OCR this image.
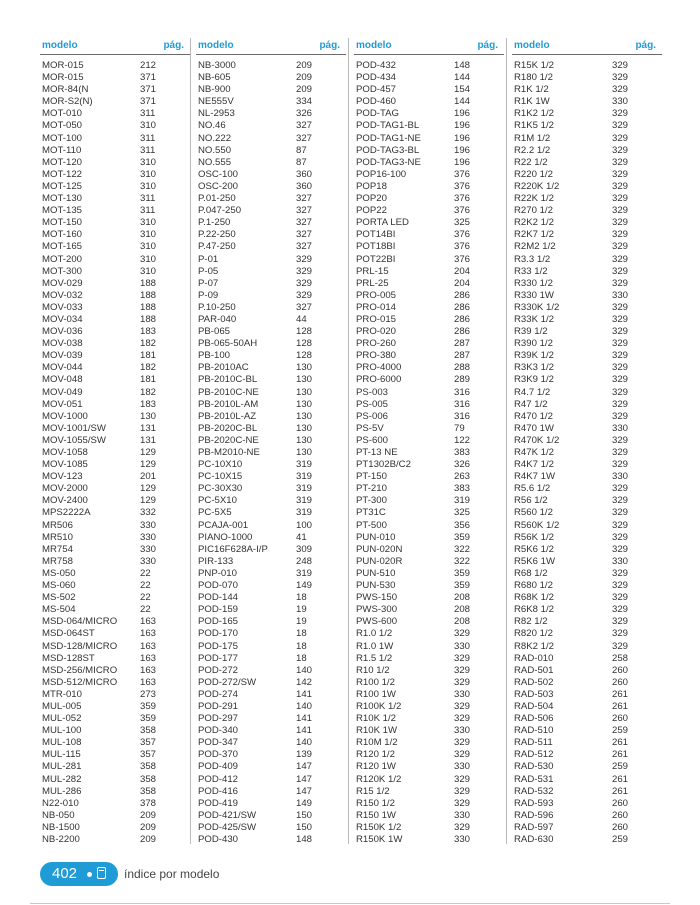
modelo	pág.
MOR-015	212
MOR-015	371
MOR-84(N	371
MOR-S2(N)	371
MOT-010	311
MOT-050	310
MOT-100	311
MOT-110	311
MOT-120	310
MOT-122	310
MOT-125	310
MOT-130	311
MOT-135	311
MOT-150	310
MOT-160	310
MOT-165	310
MOT-200	310
MOT-300	310
MOV-029	188
MOV-032	188
MOV-033	188
MOV-034	188
MOV-036	183
MOV-038	182
MOV-039	181
MOV-044	182
MOV-048	181
MOV-049	182
MOV-051	183
MOV-1000	130
MOV-1001/SW	131
MOV-1055/SW	131
MOV-1058	129
MOV-1085	129
MOV-123	201
MOV-2000	129
MOV-2400	129
MPS2222A	332
MR506	330
MR510	330
MR754	330
MR758	330
MS-050	22
MS-060	22
MS-502	22
MS-504	22
MSD-064/MICRO 163
MSD-064ST	163
MSD-128/MICRO 163
MSD-128ST	163
MSD-256/MICRO 163
MSD-512/MICRO 163
MTR-010	273
MUL-005	359
MUL-052	359
MUL-100	358
MUL-108	357
MUL-115	357
MUL-281	358
MUL-282	358
MUL-286	358
N22-010	378
NB-050	209
NB-1500	209
NB-2200	209
modelo	pág.
NB-3000	209
NB-605	209
NB-900	209
NE555V	334
NL-2953	326
NO.46	327
NO.222	327
NO.550	87
NO.555	87
OSC-100	360
OSC-200	360
P.01-250	327
P.047-250	327
P.1-250	327
P.22-250	327
P.47-250	327
P-01	329
P-05	329
P-07	329
P-09	329
P.10-250	327
PAR-040	44
PB-065	128
PB-065-50AH	128
PB-100	128
PB-2010AC	130
PB-2010C-BL	130
PB-2010C-NE	130
PB-2010L-AM	130
PB-2010L-AZ	130
PB-2020C-BL	130
PB-2020C-NE	130
PB-M2010-NE	130
PC-10X10	319
PC-10X15	319
PC-30X30	319
PC-5X10	319
PC-5X5	319
PCAJA-001	100
PIANO-1000	41
PIC16F628A-I/P	309
PIR-133	248
PNP-010	319
POD-070	149
POD-144	18
POD-159	19
POD-165	19
POD-170	18
POD-175	18
POD-177	18
POD-272	140
POD-272/SW	142
POD-274	141
POD-291	140
POD-297	141
POD-340	141
POD-347	140
POD-370	139
POD-409	147
POD-412	147
POD-416	147
POD-419	149
POD-421/SW	150
POD-425/SW	150
POD-430	148
modelo	pág.
POD-432	148
POD-434	144
POD-457	154
POD-460	144
POD-TAG	196
POD-TAG1-BL	196
POD-TAG1-NE	196
POD-TAG3-BL	196
POD-TAG3-NE	196
POP16-100	376
POP18	376
POP20	376
POP22	376
PORTA LED	325
POT14BI	376
POT18BI	376
POT22BI	376
PRL-15	204
PRL-25	204
PRO-005	286
PRO-014	286
PRO-015	286
PRO-020	286
PRO-260	287
PRO-380	287
PRO-4000	288
PRO-6000	289
PS-003	316
PS-005	316
PS-006	316
PS-5V	79
PS-600	122
PT-13 NE	383
PT1302B/C2	326
PT-150	263
PT-210	383
PT-300	319
PT31C	325
PT-500	356
PUN-010	359
PUN-020N	322
PUN-020R	322
PUN-510	359
PUN-530	359
PWS-150	208
PWS-300	208
PWS-600	208
R1.0 1/2	329
R1.0 1W	330
R1.5 1/2	329
R10 1/2	329
R100 1/2	329
R100 1W	330
R100K 1/2	329
R10K 1/2	329
R10K 1W	330
R10M 1/2	329
R120 1/2	329
R120 1W	330
R120K 1/2	329
R15 1/2	329
R150 1/2	329
R150 1W	330
R150K 1/2	329
R150K 1W	330
modelo	pág.
R15K 1/2	329
R180 1/2	329
R1K 1/2	329
R1K 1W	330
R1K2 1/2	329
R1K5 1/2	329
R1M 1/2	329
R2.2 1/2	329
R22 1/2	329
R220 1/2	329
R220K 1/2	329
R22K 1/2	329
R270 1/2	329
R2K2 1/2	329
R2K7 1/2	329
R2M2 1/2	329
R3.3 1/2	329
R33 1/2	329
R330 1/2	329
R330 1W	330
R330K 1/2	329
R33K 1/2	329
R39 1/2	329
R390 1/2	329
R39K 1/2	329
R3K3 1/2	329
R3K9 1/2	329
R4.7 1/2	329
R47 1/2	329
R470 1/2	329
R470 1W	330
R470K 1/2	329
R47K 1/2	329
R4K7 1/2	329
R4K7 1W	330
R5.6 1/2	329
R56 1/2	329
R560 1/2	329
R560K 1/2	329
R56K 1/2	329
R5K6 1/2	329
R5K6 1W	330
R68 1/2	329
R680 1/2	329
R68K 1/2	329
R6K8 1/2	329
R82 1/2	329
R820 1/2	329
R8K2 1/2	329
RAD-010	258
RAD-501	260
RAD-502	260
RAD-503	261
RAD-504	261
RAD-506	260
RAD-510	259
RAD-511	261
RAD-512	261
RAD-530	259
RAD-531	261
RAD-532	261
RAD-593	260
RAD-596	260
RAD-597	260
RAD-630	259
402	índice por modelo
